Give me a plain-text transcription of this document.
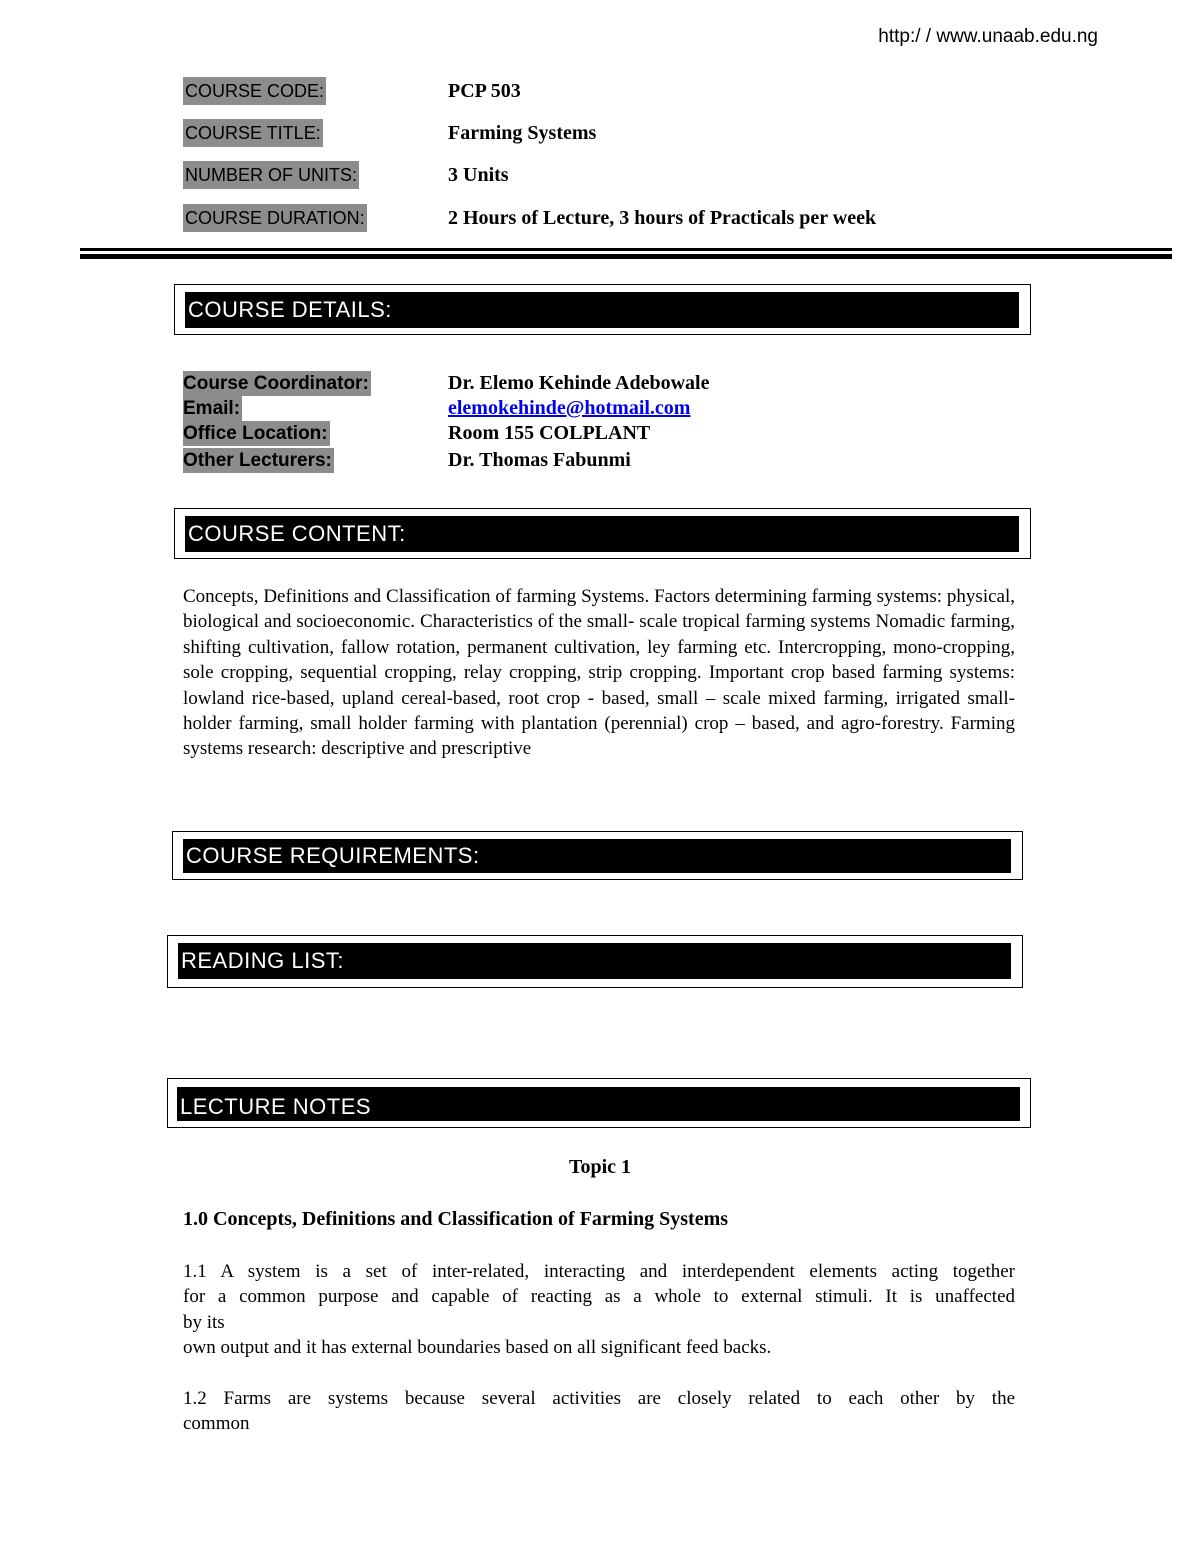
http:/ / www.unaab.edu.ng
COURSE CODE:	PCP 503
COURSE TITLE:	Farming Systems
NUMBER OF UNITS:	3 Units
COURSE DURATION:	2 Hours of Lecture, 3 hours of Practicals per week
COURSE DETAILS:
Course Coordinator:	Dr. Elemo Kehinde Adebowale
Email:	elemokehinde@hotmail.com
Office Location:	Room 155 COLPLANT
Other Lecturers:	Dr. Thomas Fabunmi
COURSE CONTENT:
Concepts, Definitions and Classification of farming Systems. Factors determining farming systems: physical, biological and socioeconomic. Characteristics of the small- scale tropical farming systems Nomadic farming, shifting cultivation, fallow rotation, permanent cultivation, ley farming etc. Intercropping, mono-cropping, sole cropping, sequential cropping, relay cropping, strip cropping. Important crop based farming systems: lowland rice-based, upland cereal-based, root crop - based, small – scale mixed farming, irrigated small-holder farming, small holder farming with plantation (perennial) crop – based, and agro-forestry. Farming systems research: descriptive and prescriptive
COURSE REQUIREMENTS:
READING LIST:
LECTURE NOTES
Topic 1
1.0 Concepts, Definitions and Classification of Farming Systems
1.1 A system is a set of inter-related, interacting and interdependent elements acting together
for a common purpose and capable of reacting as a whole to external stimuli. It is unaffected
by its
own output and it has external boundaries based on all significant feed backs.
1.2 Farms are systems because several activities are closely related to each other by the
common
